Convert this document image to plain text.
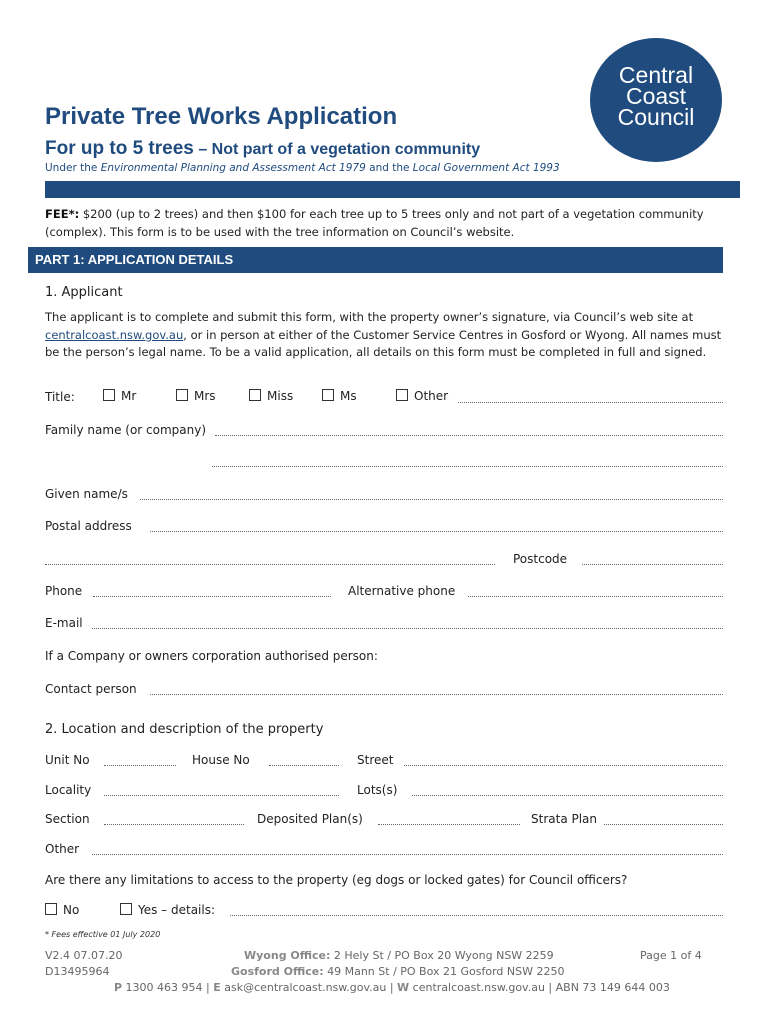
Central
Coast
Council
Private Tree Works Application
For up to 5 trees – Not part of a vegetation community
Under the Environmental Planning and Assessment Act 1979 and the Local Government Act 1993
FEE*: $200 (up to 2 trees) and then $100 for each tree up to 5 trees only and not part of a vegetation community (complex). This form is to be used with the tree information on Council’s website.
PART 1: APPLICATION DETAILS
1. Applicant
The applicant is to complete and submit this form, with the property owner’s signature, via Council’s web site at centralcoast.nsw.gov.au, or in person at either of the Customer Service Centres in Gosford or Wyong. All names must be the person’s legal name. To be a valid application, all details on this form must be completed in full and signed.
Title:	Mr	Mrs	Miss	Ms	Other
Family name (or company)
Given name/s
Postal address
Postcode
Phone	Alternative phone
E-mail
If a Company or owners corporation authorised person:
Contact person
2. Location and description of the property
Unit No	House No	Street
Locality	Lots(s)
Section	Deposited Plan(s)	Strata Plan
Other
Are there any limitations to access to the property (eg dogs or locked gates) for Council officers?
No	Yes – details:
* Fees effective 01 July 2020
V2.4 07.07.20
D13495964
Wyong Office: 2 Hely St / PO Box 20 Wyong NSW 2259
Gosford Office: 49 Mann St / PO Box 21 Gosford NSW 2250
Page 1 of 4
P 1300 463 954 | E ask@centralcoast.nsw.gov.au | W centralcoast.nsw.gov.au | ABN 73 149 644 003
